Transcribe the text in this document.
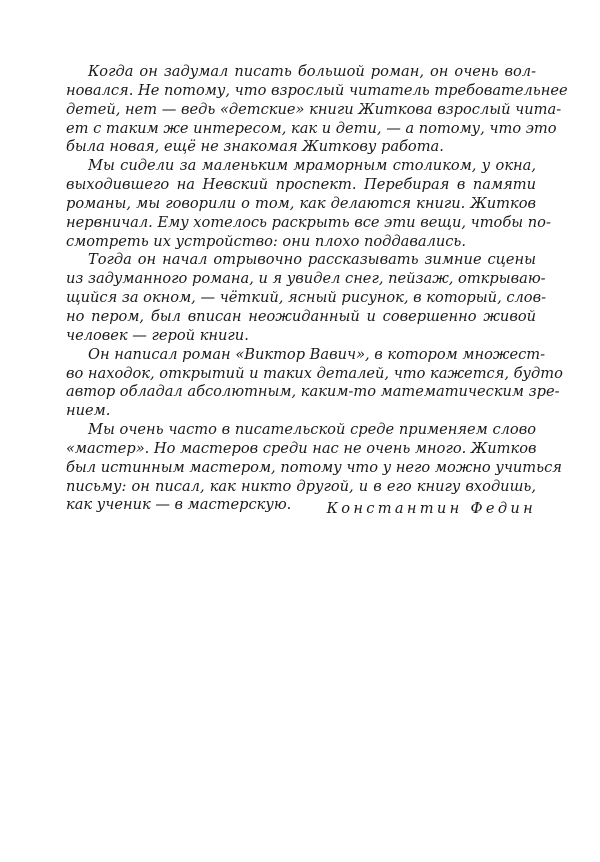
Когда он задумал писать большой роман, он очень вол-
новался. Не потому, что взрослый читатель требовательнее
детей, нет — ведь «детские» книги Житкова взрослый чита-
ет с таким же интересом, как и дети, — а потому, что это
была новая, ещё не знакомая Житкову работа.
Мы сидели за маленьким мраморным столиком, у окна,
выходившего на Невский проспект. Перебирая в памяти
романы, мы говорили о том, как делаются книги. Житков
нервничал. Ему хотелось раскрыть все эти вещи, чтобы по-
смотреть их устройство: они плохо поддавались.
Тогда он начал отрывочно рассказывать зимние сцены
из задуманного романа, и я увидел снег, пейзаж, открываю-
щийся за окном, — чёткий, ясный рисунок, в который, слов-
но пером, был вписан неожиданный и совершенно живой
человек — герой книги.
Он написал роман «Виктор Вавич», в котором множест-
во находок, открытий и таких деталей, что кажется, будто
автор обладал абсолютным, каким-то математическим зре-
нием.
Мы очень часто в писательской среде применяем слово
«мастер». Но мастеров среди нас не очень много. Житков
был истинным мастером, потому что у него можно учиться
письму: он писал, как никто другой, и в его книгу входишь,
как ученик — в мастерскую.	Константин Федин
